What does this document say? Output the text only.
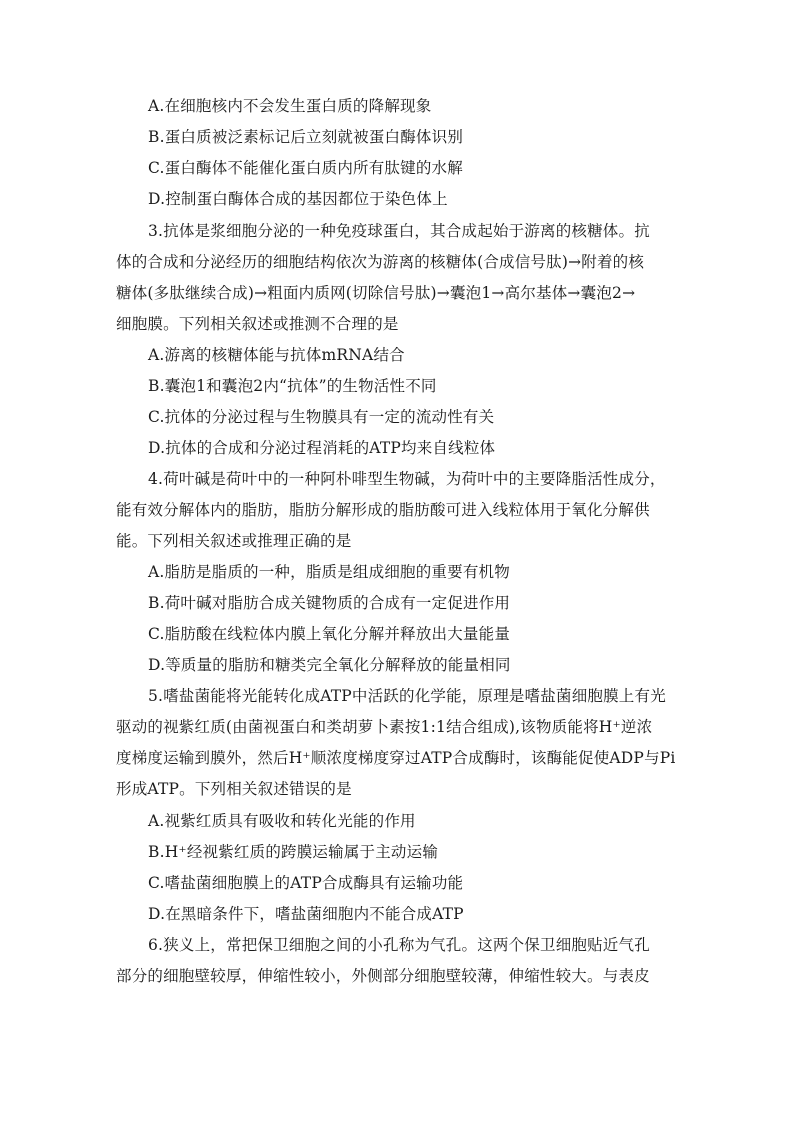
A.在细胞核内不会发生蛋白质的降解现象
B.蛋白质被泛素标记后立刻就被蛋白酶体识别
C.蛋白酶体不能催化蛋白质内所有肽键的水解
D.控制蛋白酶体合成的基因都位于染色体上
3.抗体是浆细胞分泌的一种免疫球蛋白，其合成起始于游离的核糖体。抗
体的合成和分泌经历的细胞结构依次为游离的核糖体(合成信号肽)→附着的核
糖体(多肽继续合成)→粗面内质网(切除信号肽)→囊泡1→高尔基体→囊泡2→
细胞膜。下列相关叙述或推测不合理的是
A.游离的核糖体能与抗体mRNA结合
B.囊泡1和囊泡2内“抗体”的生物活性不同
C.抗体的分泌过程与生物膜具有一定的流动性有关
D.抗体的合成和分泌过程消耗的ATP均来自线粒体
4.荷叶碱是荷叶中的一种阿朴啡型生物碱，为荷叶中的主要降脂活性成分，
能有效分解体内的脂肪，脂肪分解形成的脂肪酸可进入线粒体用于氧化分解供
能。下列相关叙述或推理正确的是
A.脂肪是脂质的一种，脂质是组成细胞的重要有机物
B.荷叶碱对脂肪合成关键物质的合成有一定促进作用
C.脂肪酸在线粒体内膜上氧化分解并释放出大量能量
D.等质量的脂肪和糖类完全氧化分解释放的能量相同
5.嗜盐菌能将光能转化成ATP中活跃的化学能，原理是嗜盐菌细胞膜上有光
驱动的视紫红质(由菌视蛋白和类胡萝卜素按1:1结合组成),该物质能将H⁺逆浓
度梯度运输到膜外，然后H⁺顺浓度梯度穿过ATP合成酶时，该酶能促使ADP与Pi
形成ATP。下列相关叙述错误的是
A.视紫红质具有吸收和转化光能的作用
B.H⁺经视紫红质的跨膜运输属于主动运输
C.嗜盐菌细胞膜上的ATP合成酶具有运输功能
D.在黑暗条件下，嗜盐菌细胞内不能合成ATP
6.狭义上，常把保卫细胞之间的小孔称为气孔。这两个保卫细胞贴近气孔
部分的细胞壁较厚，伸缩性较小，外侧部分细胞壁较薄，伸缩性较大。与表皮
